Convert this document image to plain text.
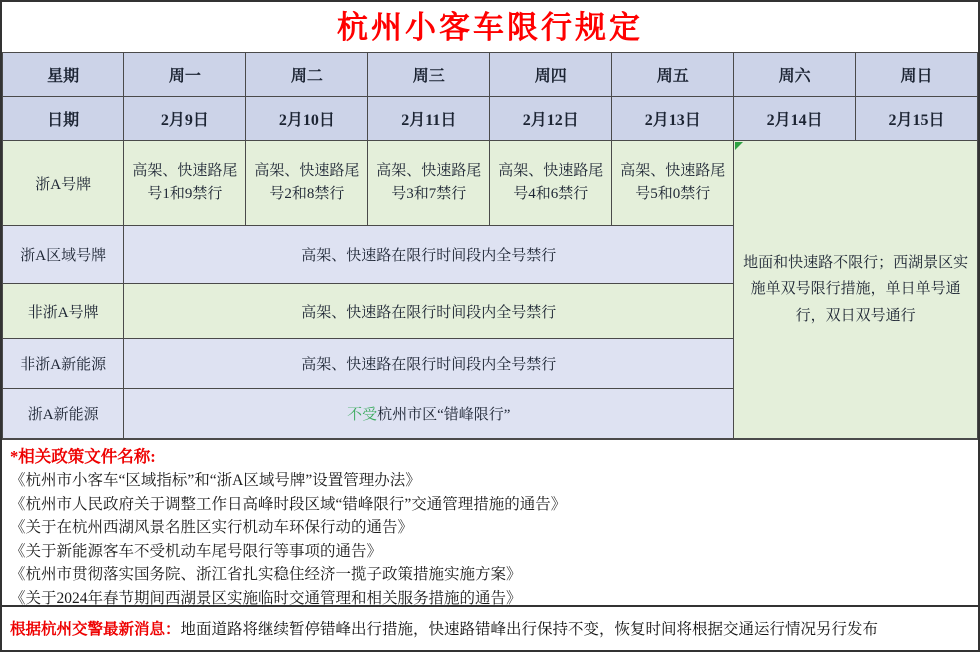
杭州小客车限行规定
星期	周一	周二	周三	周四	周五	周六	周日
日期	2月9日	2月10日	2月11日	2月12日	2月13日	2月14日	2月15日
浙A号牌	高架、快速路尾号1和9禁行	高架、快速路尾号2和8禁行	高架、快速路尾号3和7禁行	高架、快速路尾号4和6禁行	高架、快速路尾号5和0禁行	地面和快速路不限行；西湖景区实施单双号限行措施，单日单号通行，双日双号通行	
浙A区域号牌	高架、快速路在限行时间段内全号禁行						
非浙A号牌	高架、快速路在限行时间段内全号禁行						
非浙A新能源	高架、快速路在限行时间段内全号禁行						
浙A新能源	不受杭州市区“错峰限行”						
*相关政策文件名称:
《杭州市小客车“区域指标”和“浙A区域号牌”设置管理办法》
《杭州市人民政府关于调整工作日高峰时段区域“错峰限行”交通管理措施的通告》
《关于在杭州西湖风景名胜区实行机动车环保行动的通告》
《关于新能源客车不受机动车尾号限行等事项的通告》
《杭州市贯彻落实国务院、浙江省扎实稳住经济一揽子政策措施实施方案》
《关于2024年春节期间西湖景区实施临时交通管理和相关服务措施的通告》
根据杭州交警最新消息： 地面道路将继续暂停错峰出行措施，快速路错峰出行保持不变，恢复时间将根据交通运行情况另行发布
